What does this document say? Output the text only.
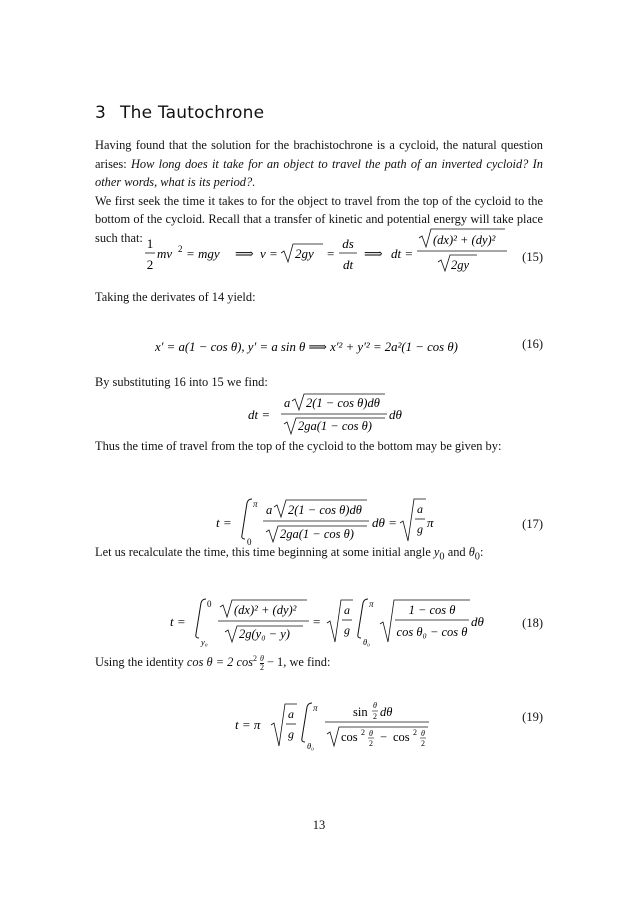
3 The Tautochrone

Having found that the solution for the brachistochrone is a cycloid, the natural question arises: How long does it take for an object to travel the path of an inverted cycloid? In other words, what is its period?.
We first seek the time it takes to for the object to travel from the top of the cycloid to the bottom of the cycloid. Recall that a transfer of kinetic and potential energy will take place such that: 1
2
mv 2 = mgy ⟹ v = 2gy =
ds
dt
⟹ dt =
(dx)² + (dy)²
2gy
(15)

Taking the derivates of 14 yield:

x′ = a(1 − cos θ), y′ = a sin θ ⟹ x′² + y′² = 2a²(1 − cos θ)	(16)

By substituting 16 into 15 we find:

dt =
a 2(1 − cos θ)dθ
2ga(1 − cos θ)
dθ

Thus the time of travel from the top of the cycloid to the bottom may be given by:

t =
π
0
a 2(1 − cos θ)dθ
2ga(1 − cos θ)
dθ =
a
g π	(17)

Let us recalculate the time, this time beginning at some initial angle $y_0$ and $\theta_0$:

t =
0
y₀
(dx)² + (dy)²
2g(y₀ − y)
=
a
g
π
θ₀
1 − cos θ
cos θ₀ − cos θ
dθ	(18)

Using the identity cos θ = 2 $\cos^2 \frac{\theta}{2} - 1$, we find:

t = π
a
g
π
θ₀
sin θ
2 dθ
cos 2 θ
2 − cos 2 θ
2
(19)
13
